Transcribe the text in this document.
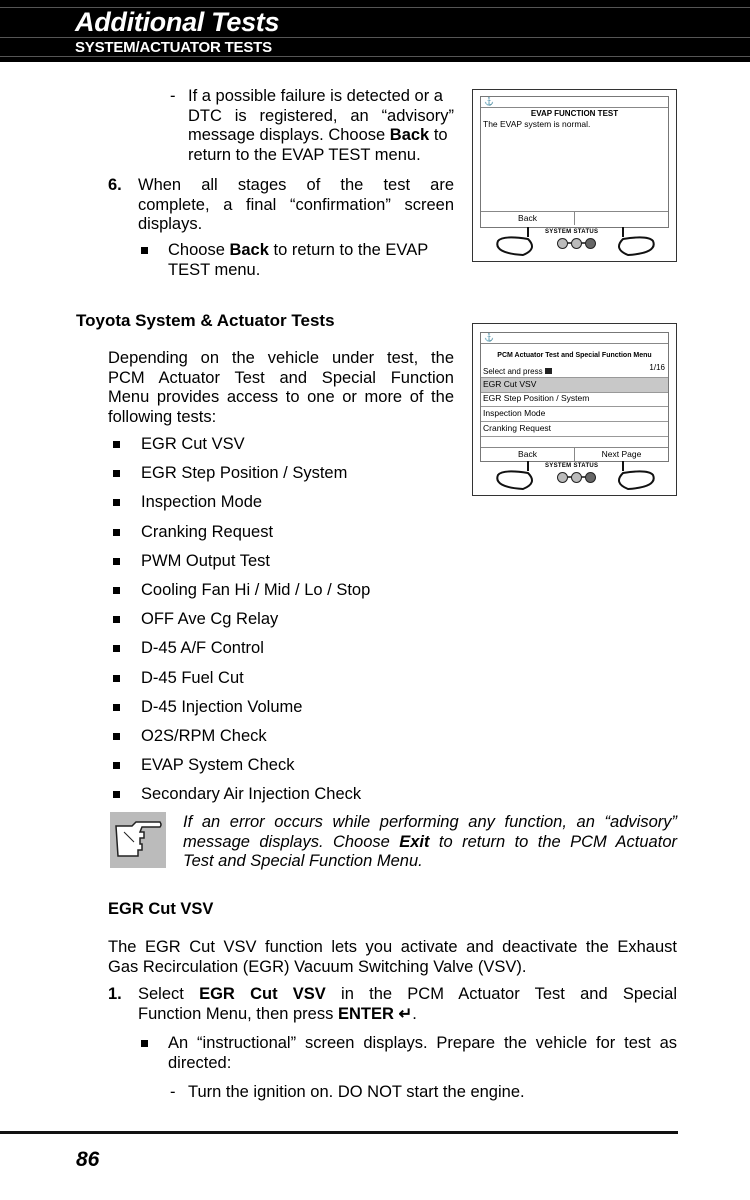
Additional Tests
SYSTEM/ACTUATOR TESTS
- If a possible failure is detected or a
DTC is registered, an “advisory”
message displays. Choose Back to
return to the EVAP TEST menu.
6. When all stages of the test are
complete, a final “confirmation” screen
displays.
Choose Back to return to the EVAP
TEST menu.
⚓
EVAP FUNCTION TEST
The EVAP system is normal.
Back
SYSTEM STATUS
Toyota System & Actuator Tests
Depending on the vehicle under test, the
PCM Actuator Test and Special Function
Menu provides access to one or more of the
following tests:
EGR Cut VSV
EGR Step Position / System
Inspection Mode
Cranking Request
PWM Output Test
Cooling Fan Hi / Mid / Lo / Stop
OFF Ave Cg Relay
D-45 A/F Control
D-45 Fuel Cut
D-45 Injection Volume
O2S/RPM Check
EVAP System Check
Secondary Air Injection Check
⚓
PCM Actuator Test and Special Function Menu
Select and press	1/16
EGR Cut VSV
EGR Step Position / System
Inspection Mode
Cranking Request
Back	Next Page
SYSTEM STATUS
If an error occurs while performing any function, an “advisory”
message displays. Choose Exit to return to the PCM Actuator
Test and Special Function Menu.
EGR Cut VSV
The EGR Cut VSV function lets you activate and deactivate the Exhaust
Gas Recirculation (EGR) Vacuum Switching Valve (VSV).
1. Select EGR Cut VSV in the PCM Actuator Test and Special
Function Menu, then press ENTER ↵.
An “instructional” screen displays. Prepare the vehicle for test as
directed:
- Turn the ignition on. DO NOT start the engine.
86
